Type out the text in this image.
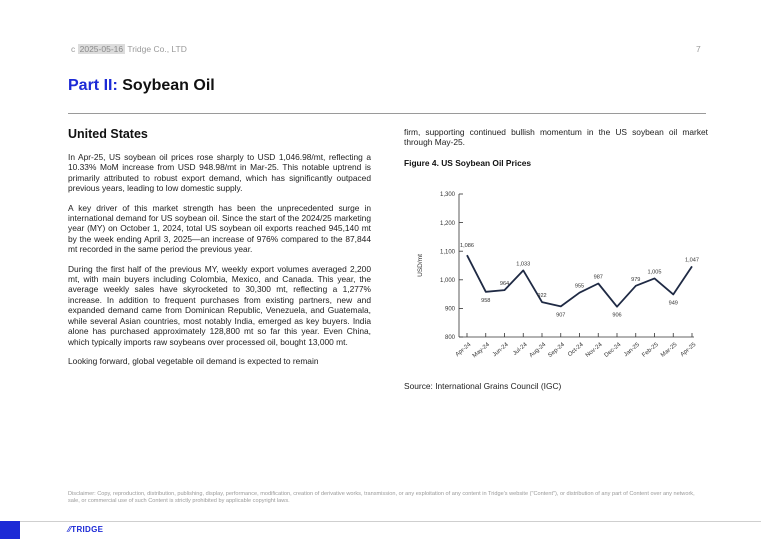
c 2025-05-16 Tridge Co., LTD	7
Part II: Soybean Oil
United States

In Apr-25, US soybean oil prices rose sharply to USD 1,046.98/mt, reflecting a 10.33% MoM increase from USD 948.98/mt in Mar-25. This notable uptrend is primarily attributed to robust export demand, which has significantly outpaced previous years, leading to low domestic supply.

A key driver of this market strength has been the unprecedented surge in international demand for US soybean oil. Since the start of the 2024/25 marketing year (MY) on October 1, 2024, total US soybean oil exports reached 945,140 mt by the week ending April 3, 2025—an increase of 976% compared to the 87,844 mt recorded in the same period the previous year.

During the first half of the previous MY, weekly export volumes averaged 2,200 mt, with main buyers including Colombia, Mexico, and Canada. This year, the average weekly sales have skyrocketed to 30,300 mt, reflecting a 1,277% increase. In addition to frequent purchases from existing partners, new and expanded demand came from Dominican Republic, Venezuela, and Guatemala, while several Asian countries, most notably India, emerged as key buyers. India alone has purchased approximately 128,800 mt so far this year. Even China, which typically imports raw soybeans over processed oil, bought 13,000 mt.

Looking forward, global vegetable oil demand is expected to remain

firm, supporting continued bullish momentum in the US soybean oil market through May-25.

Figure 4. US Soybean Oil Prices
800
900
1,000
1,100
1,200
1,300
USD/mt
Apr-24 May-24 Jun-24 Jul-24 Aug-24 Sep-24 Oct-24 Nov-24 Dec-24 Jan-25 Feb-25 Mar-25 Apr-25
1,086
958
964
1,033
922
907
955
987
906
979
1,005
949
1,047
Source: International Grains Council (IGC)
Disclaimer: Copy, reproduction, distribution, publishing, display, performance, modification, creation of derivative works, transmission, or any exploitation of any content in Tridge's website ("Content"), or distribution of any part of Content over any network, sale, or commercial use of such Content is strictly prohibited by applicable copyright laws.
⁄⁄TRIDGE
